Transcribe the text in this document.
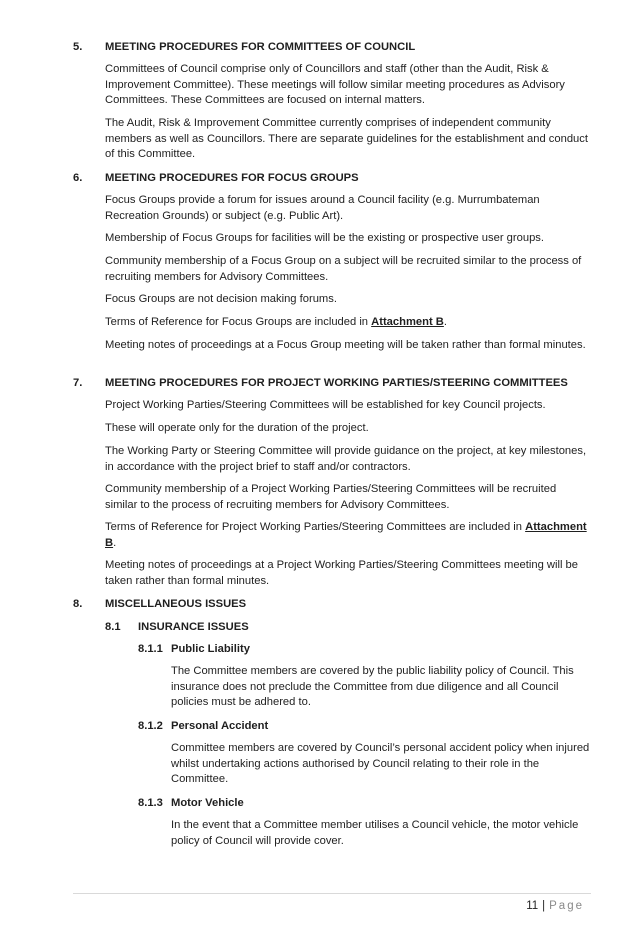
5. MEETING PROCEDURES FOR COMMITTEES OF COUNCIL

Committees of Council comprise only of Councillors and staff (other than the Audit, Risk & Improvement Committee). These meetings will follow similar meeting procedures as Advisory Committees. These Committees are focused on internal matters.

The Audit, Risk & Improvement Committee currently comprises of independent community members as well as Councillors. There are separate guidelines for the establishment and conduct of this Committee.

6. MEETING PROCEDURES FOR FOCUS GROUPS

Focus Groups provide a forum for issues around a Council facility (e.g. Murrumbateman Recreation Grounds) or subject (e.g. Public Art).

Membership of Focus Groups for facilities will be the existing or prospective user groups.

Community membership of a Focus Group on a subject will be recruited similar to the process of recruiting members for Advisory Committees.

Focus Groups are not decision making forums.

Terms of Reference for Focus Groups are included in Attachment B.

Meeting notes of proceedings at a Focus Group meeting will be taken rather than formal minutes.

7. MEETING PROCEDURES FOR PROJECT WORKING PARTIES/STEERING COMMITTEES

Project Working Parties/Steering Committees will be established for key Council projects.

These will operate only for the duration of the project.

The Working Party or Steering Committee will provide guidance on the project, at key milestones, in accordance with the project brief to staff and/or contractors.

Community membership of a Project Working Parties/Steering Committees will be recruited similar to the process of recruiting members for Advisory Committees.

Terms of Reference for Project Working Parties/Steering Committees are included in Attachment B.

Meeting notes of proceedings at a Project Working Parties/Steering Committees meeting will be taken rather than formal minutes.

8. MISCELLANEOUS ISSUES
8.1 INSURANCE ISSUES
8.1.1 Public Liability

The Committee members are covered by the public liability policy of Council. This insurance does not preclude the Committee from due diligence and all Council policies must be adhered to.

8.1.2 Personal Accident

Committee members are covered by Council’s personal accident policy when injured whilst undertaking actions authorised by Council relating to their role in the Committee.

8.1.3 Motor Vehicle

In the event that a Committee member utilises a Council vehicle, the motor vehicle policy of Council will provide cover.

11 | Page
